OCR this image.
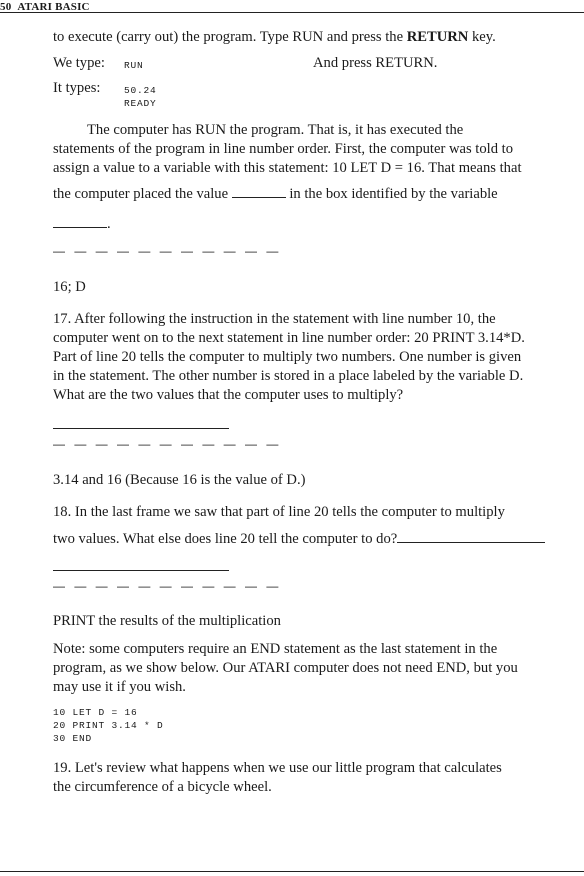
50 ATARI BASIC

to execute (carry out) the program. Type RUN and press the RETURN key.

We type: RUN	And press RETURN.
It types: 50.24
READY
The computer has RUN the program. That is, it has executed the
statements of the program in line number order. First, the computer was told to
assign a value to a variable with this statement: 10 LET D = 16. That means that
the computer placed the value	in the box identified by the variable
.
— — — — — — — — — — —
16; D
17. After following the instruction in the statement with line number 10, the
computer went on to the next statement in line number order: 20 PRINT 3.14*D.
Part of line 20 tells the computer to multiply two numbers. One number is given
in the statement. The other number is stored in a place labeled by the variable D.
What are the two values that the computer uses to multiply?
— — — — — — — — — — —
3.14 and 16 (Because 16 is the value of D.)
18. In the last frame we saw that part of line 20 tells the computer to multiply
two values. What else does line 20 tell the computer to do?
— — — — — — — — — — —
PRINT the results of the multiplication
Note: some computers require an END statement as the last statement in the
program, as we show below. Our ATARI computer does not need END, but you
may use it if you wish.
10 LET D = 16
20 PRINT 3.14 * D
30 END
19. Let's review what happens when we use our little program that calculates
the circumference of a bicycle wheel.
